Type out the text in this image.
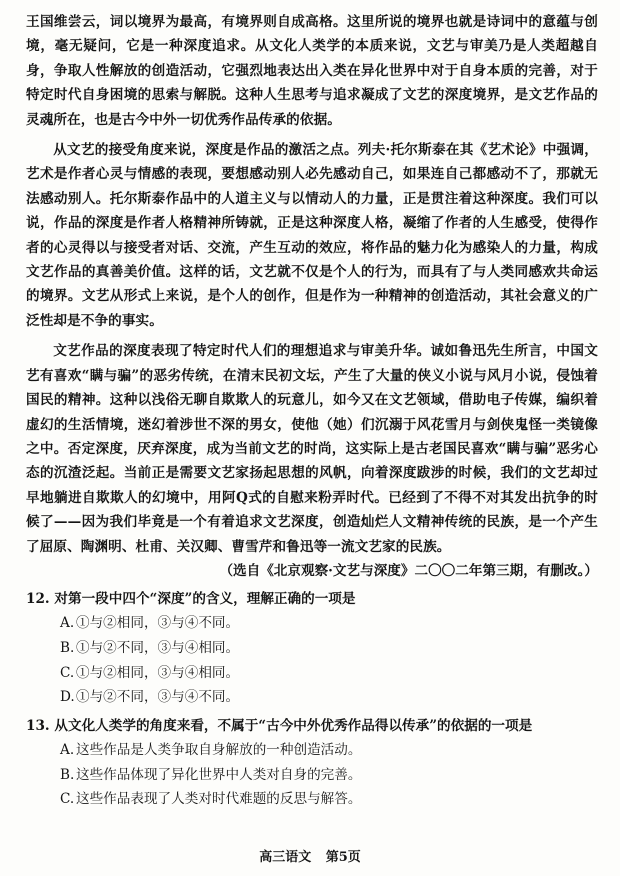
王国维尝云，词以境界为最高，有境界则自成高格。这里所说的境界也就是诗词中的意蕴与创境，毫无疑问，它是一种深度追求。从文化人类学的本质来说，文艺与审美乃是人类超越自身，争取人性解放的创造活动，它强烈地表达出入类在异化世界中对于自身本质的完善，对于特定时代自身困境的思索与解脱。这种人生思考与追求凝成了文艺的深度境界，是文艺作品的灵魂所在，也是古今中外一切优秀作品传承的依据。

从文艺的接受角度来说，深度是作品的激活之点。列夫·托尔斯泰在其《艺术论》中强调，艺术是作者心灵与情感的表现，要想感动别人必先感动自己，如果连自己都感动不了，那就无法感动别人。托尔斯泰作品中的人道主义与以情动人的力量，正是贯注着这种深度。我们可以说，作品的深度是作者人格精神所铸就，正是这种深度人格，凝缩了作者的人生感受，使得作者的心灵得以与接受者对话、交流，产生互动的效应，将作品的魅力化为感染人的力量，构成文艺作品的真善美价值。这样的话，文艺就不仅是个人的行为，而具有了与人类同感欢共命运的境界。文艺从形式上来说，是个人的创作，但是作为一种精神的创造活动，其社会意义的广泛性却是不争的事实。

文艺作品的深度表现了特定时代人们的理想追求与审美升华。诚如鲁迅先生所言，中国文艺有喜欢“瞒与骗”的恶劣传统，在清末民初文坛，产生了大量的侠义小说与风月小说，侵蚀着国民的精神。这种以浅俗无聊自欺欺人的玩意儿，如今又在文艺领域，借助电子传媒，编织着虚幻的生活情境，迷幻着涉世不深的男女，使他（她）们沉溺于风花雪月与剑侠鬼怪一类镜像之中。否定深度，厌弃深度，成为当前文艺的时尚，这实际上是古老国民喜欢“瞒与骗”恶劣心态的沉渣泛起。当前正是需要文艺家扬起思想的风帆，向着深度跋涉的时候，我们的文艺却过早地躺进自欺欺人的幻境中，用阿Q式的自慰来粉弄时代。已经到了不得不对其发出抗争的时候了——因为我们毕竟是一个有着追求文艺深度，创造灿烂人文精神传统的民族，是一个产生了屈原、陶渊明、杜甫、关汉卿、曹雪芹和鲁迅等一流文艺家的民族。

（选自《北京观察·文艺与深度》二〇〇二年第三期，有删改。）

12. 对第一段中四个“深度”的含义，理解正确的一项是

A. ①与②相同，③与④不同。

B. ①与②不同，③与④相同。

C. ①与②相同，③与④相同。

D.①与②不同，③与④不同。

13. 从文化人类学的角度来看，不属于“古今中外优秀作品得以传承”的依据的一项是

A. 这些作品是人类争取自身解放的一种创造活动。

B. 这些作品体现了异化世界中人类对自身的完善。

C. 这些作品表现了人类对时代难题的反思与解答。

高三语文 第5页
